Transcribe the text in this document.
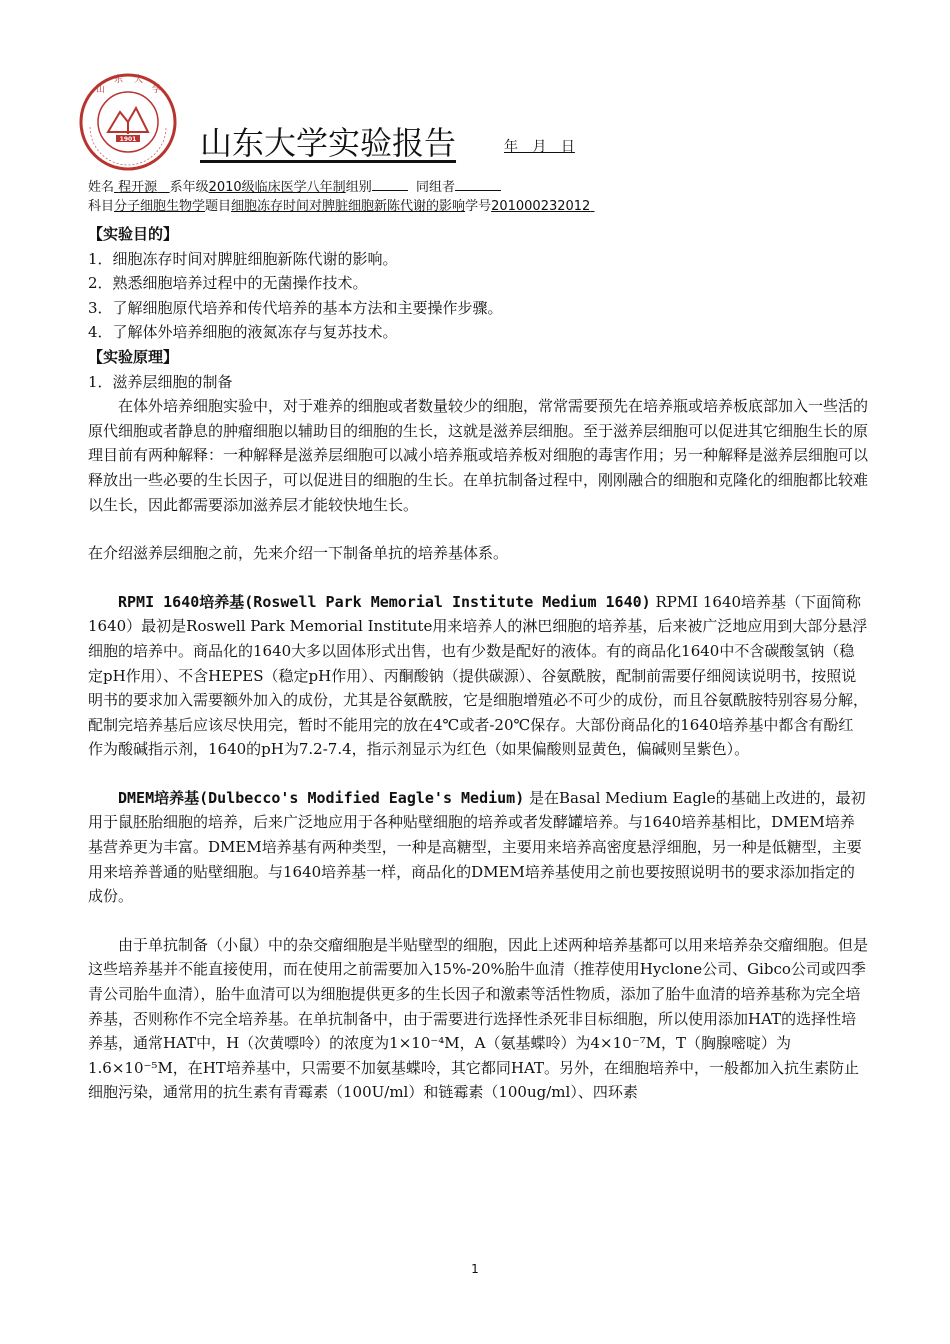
1901
山
东 大
学
山东大学实验报告	年 月 日
姓名 程开源 系年级2010级临床医学八年制组别	同组者
科目分子细胞生物学题目细胞冻存时间对脾脏细胞新陈代谢的影响学号201000232012

【实验目的】

1．细胞冻存时间对脾脏细胞新陈代谢的影响。

2．熟悉细胞培养过程中的无菌操作技术。

3．了解细胞原代培养和传代培养的基本方法和主要操作步骤。

4．了解体外培养细胞的液氮冻存与复苏技术。

【实验原理】

1．滋养层细胞的制备

在体外培养细胞实验中，对于难养的细胞或者数量较少的细胞，常常需要预先在培养瓶或培养板底部加入一些活的原代细胞或者静息的肿瘤细胞以辅助目的细胞的生长，这就是滋养层细胞。至于滋养层细胞可以促进其它细胞生长的原理目前有两种解释：一种解释是滋养层细胞可以减小培养瓶或培养板对细胞的毒害作用；另一种解释是滋养层细胞可以释放出一些必要的生长因子，可以促进目的细胞的生长。在单抗制备过程中，刚刚融合的细胞和克隆化的细胞都比较难以生长，因此都需要添加滋养层才能较快地生长。

在介绍滋养层细胞之前，先来介绍一下制备单抗的培养基体系。

RPMI 1640培养基(Roswell Park Memorial Institute Medium 1640) RPMI 1640培养基（下面简称1640）最初是Roswell Park Memorial Institute用来培养人的淋巴细胞的培养基，后来被广泛地应用到大部分悬浮细胞的培养中。商品化的1640大多以固体形式出售，也有少数是配好的液体。有的商品化1640中不含碳酸氢钠（稳定pH作用）、不含HEPES（稳定pH作用）、丙酮酸钠（提供碳源）、谷氨酰胺，配制前需要仔细阅读说明书，按照说明书的要求加入需要额外加入的成份，尤其是谷氨酰胺，它是细胞增殖必不可少的成份，而且谷氨酰胺特别容易分解，配制完培养基后应该尽快用完，暂时不能用完的放在4℃或者-20℃保存。大部份商品化的1640培养基中都含有酚红作为酸碱指示剂，1640的pH为7.2-7.4，指示剂显示为红色（如果偏酸则显黄色，偏碱则呈紫色）。

DMEM培养基(Dulbecco's Modified Eagle's Medium) 是在Basal Medium Eagle的基础上改进的，最初用于鼠胚胎细胞的培养，后来广泛地应用于各种贴壁细胞的培养或者发酵罐培养。与1640培养基相比，DMEM培养基营养更为丰富。DMEM培养基有两种类型，一种是高糖型，主要用来培养高密度悬浮细胞，另一种是低糖型，主要用来培养普通的贴壁细胞。与1640培养基一样，商品化的DMEM培养基使用之前也要按照说明书的要求添加指定的成份。

由于单抗制备（小鼠）中的杂交瘤细胞是半贴壁型的细胞，因此上述两种培养基都可以用来培养杂交瘤细胞。但是这些培养基并不能直接使用，而在使用之前需要加入15%-20%胎牛血清（推荐使用Hyclone公司、Gibco公司或四季青公司胎牛血清），胎牛血清可以为细胞提供更多的生长因子和激素等活性物质，添加了胎牛血清的培养基称为完全培养基，否则称作不完全培养基。在单抗制备中，由于需要进行选择性杀死非目标细胞，所以使用添加HAT的选择性培养基，通常HAT中，H（次黄嘌呤）的浓度为1×10⁻⁴M，A（氨基蝶呤）为4×10⁻⁷M，T（胸腺嘧啶）为1.6×10⁻⁵M，在HT培养基中，只需要不加氨基蝶呤，其它都同HAT。另外，在细胞培养中，一般都加入抗生素防止细胞污染，通常用的抗生素有青霉素（100U/ml）和链霉素（100ug/ml）、四环素

1
